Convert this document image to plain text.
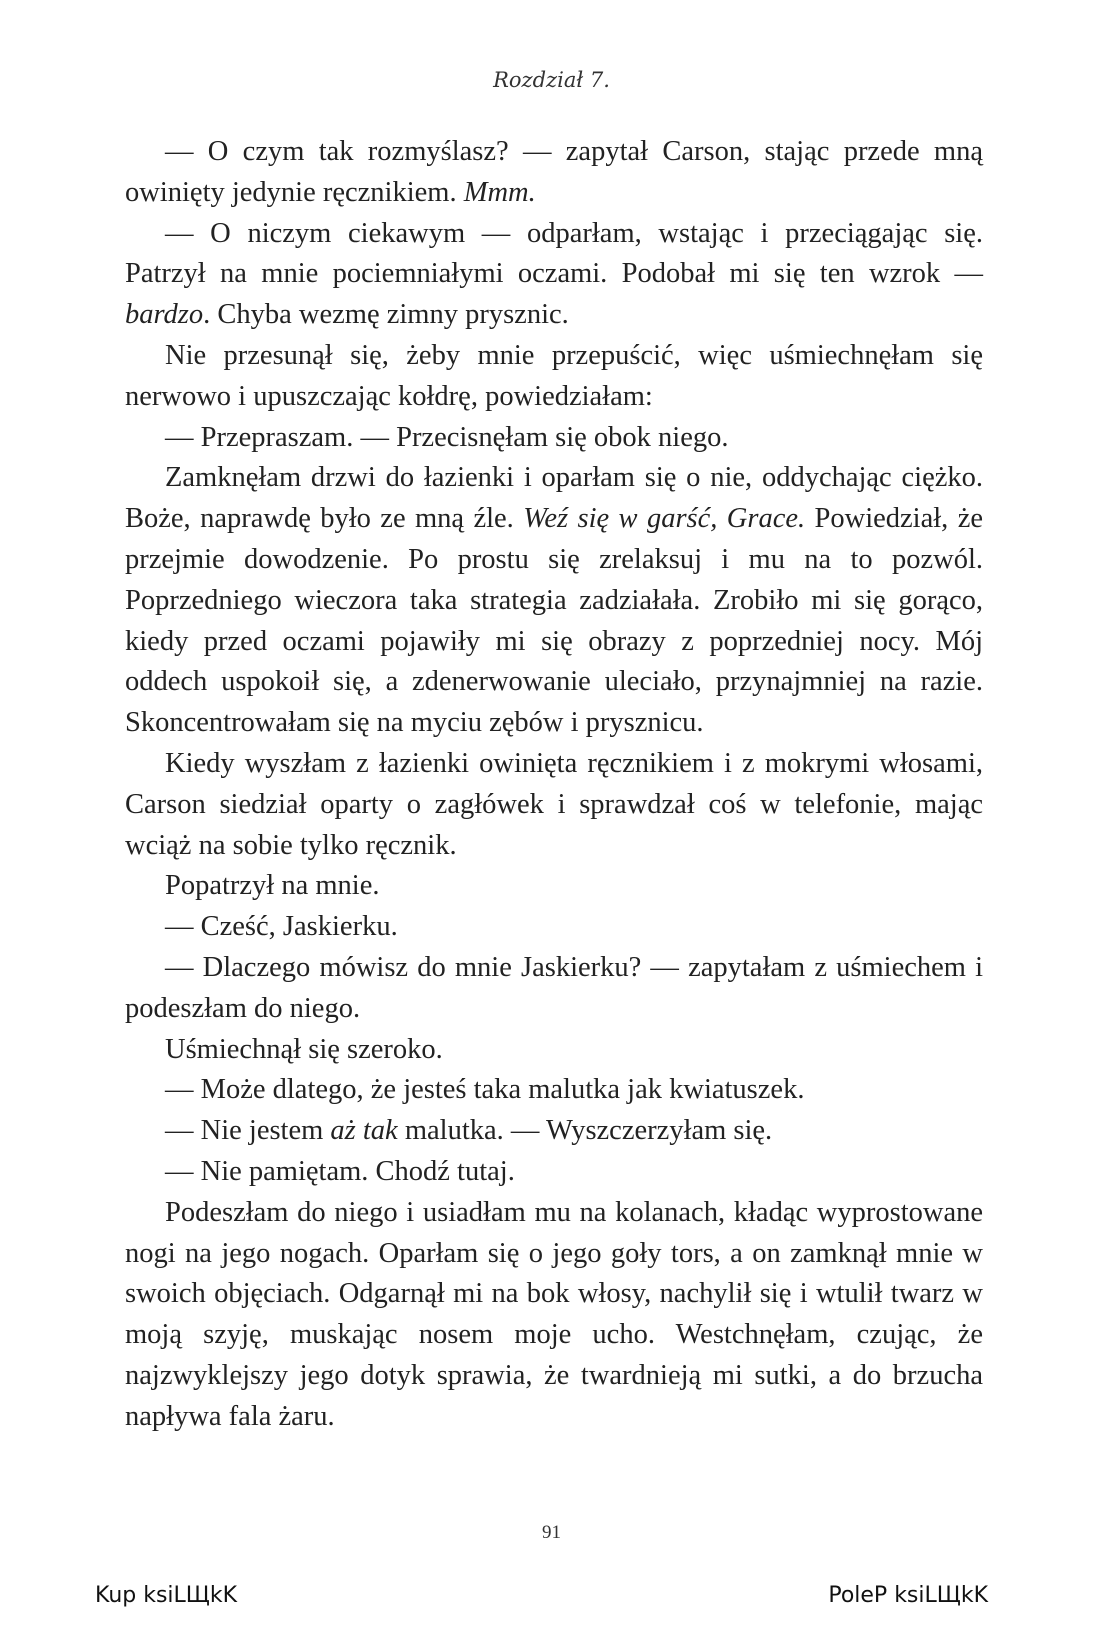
Rozdział 7.

— O czym tak rozmyślasz? — zapytał Carson, stając przede mną owinięty jedynie ręcznikiem. Mmm.

— O niczym ciekawym — odparłam, wstając i przeciągając się. Patrzył na mnie pociemniałymi oczami. Podobał mi się ten wzrok — bardzo. Chyba wezmę zimny prysznic.

Nie przesunął się, żeby mnie przepuścić, więc uśmiechnęłam się nerwowo i upuszczając kołdrę, powiedziałam:

— Przepraszam. — Przecisnęłam się obok niego.

Zamknęłam drzwi do łazienki i oparłam się o nie, oddychając ciężko. Boże, naprawdę było ze mną źle. Weź się w garść, Grace. Powiedział, że przejmie dowodzenie. Po prostu się zrelaksuj i mu na to pozwól. Poprzedniego wieczora taka strategia zadziałała. Zrobiło mi się gorąco, kiedy przed oczami pojawiły mi się obrazy z poprzedniej nocy. Mój oddech uspokoił się, a zdenerwowanie uleciało, przynajmniej na razie. Skoncentrowałam się na myciu zębów i prysznicu.

Kiedy wyszłam z łazienki owinięta ręcznikiem i z mokrymi włosami, Carson siedział oparty o zagłówek i sprawdzał coś w telefonie, mając wciąż na sobie tylko ręcznik.

Popatrzył na mnie.

— Cześć, Jaskierku.

— Dlaczego mówisz do mnie Jaskierku? — zapytałam z uśmiechem i podeszłam do niego.

Uśmiechnął się szeroko.

— Może dlatego, że jesteś taka malutka jak kwiatuszek.

— Nie jestem aż tak malutka. — Wyszczerzyłam się.

— Nie pamiętam. Chodź tutaj.

Podeszłam do niego i usiadłam mu na kolanach, kładąc wyprostowane nogi na jego nogach. Oparłam się o jego goły tors, a on zamknął mnie w swoich objęciach. Odgarnął mi na bok włosy, nachylił się i wtulił twarz w moją szyję, muskając nosem moje ucho. Westchnęłam, czując, że najzwyklejszy jego dotyk sprawia, że twardnieją mi sutki, a do brzucha napływa fala żaru.

91
Kup ksiLЩkK	PoleP ksiLЩkK
